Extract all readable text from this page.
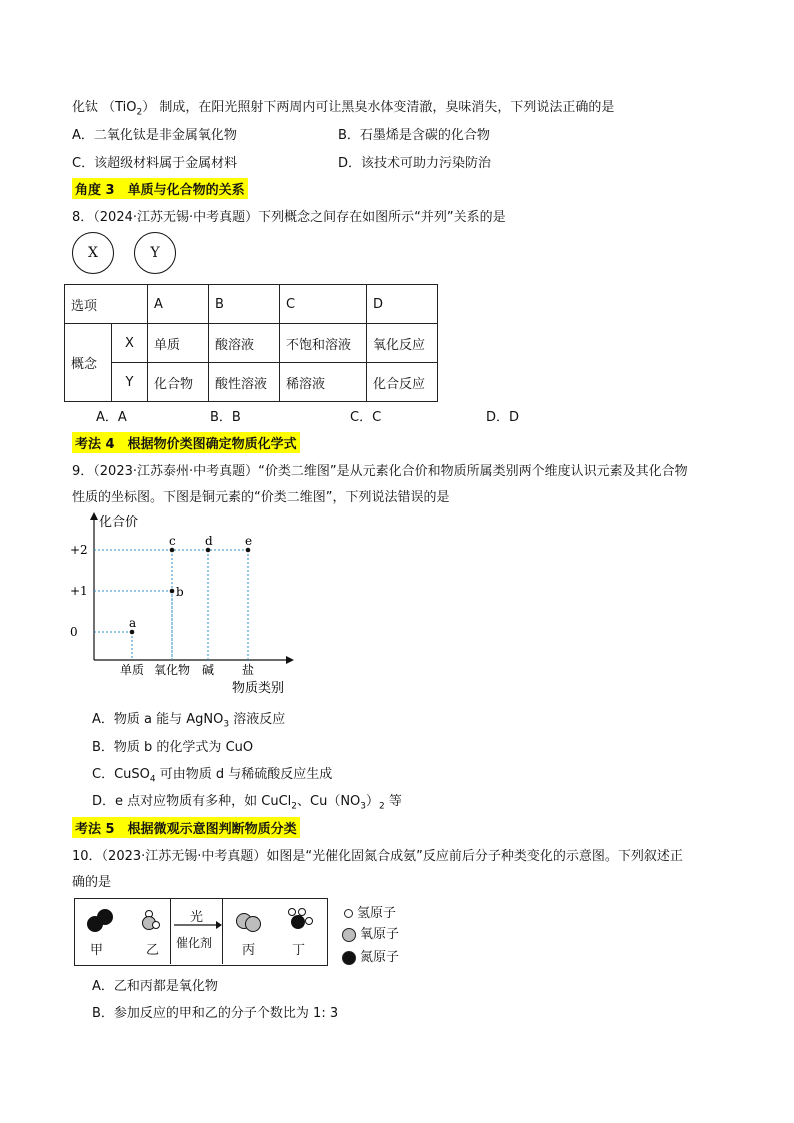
化钛 （TiO$_2$） 制成，在阳光照射下两周内可让黑臭水体变清澈，臭味消失，下列说法正确的是
A．二氧化钛是非金属氧化物	B．石墨烯是含碳的化合物
C．该超级材料属于金属材料	D．该技术可助力污染防治
角度 3　单质与化合物的关系
8．（2024·江苏无锡·中考真题）下列概念之间存在如图所示“并列”关系的是
X	Y
选项		A	B	C	D
概念	X	单质	酸溶液	不饱和溶液	氧化反应
	Y	化合物	酸性溶液	稀溶液	化合反应
A．A	B．B	C．C	D．D
考法 4　根据物价类图确定物质化学式
9．（2023·江苏泰州·中考真题）“价类二维图”是从元素化合价和物质所属类别两个维度认识元素及其化合物
性质的坐标图。下图是铜元素的“价类二维图”，下列说法错误的是
+2
+1
0
单质 氧化物 碱 盐
a
b
c d	e
化合价
物质类别
A．物质 a 能与 AgNO$_3$ 溶液反应
B．物质 b 的化学式为 CuO
C．CuSO$_4$ 可由物质 d 与稀硫酸反应生成
D．e 点对应物质有多种，如 CuCl$_2$、$Cu(NO_3)_2$ 等
考法 5　根据微观示意图判断物质分类
10．（2023·江苏无锡·中考真题）如图是“光催化固氮合成氨”反应前后分子种类变化的示意图。下列叙述正
确的是
甲	乙
光
催化剂 丙	丁
氢原子
氧原子
氮原子
A．乙和丙都是氧化物
B．参加反应的甲和乙的分子个数比为 1: 3
